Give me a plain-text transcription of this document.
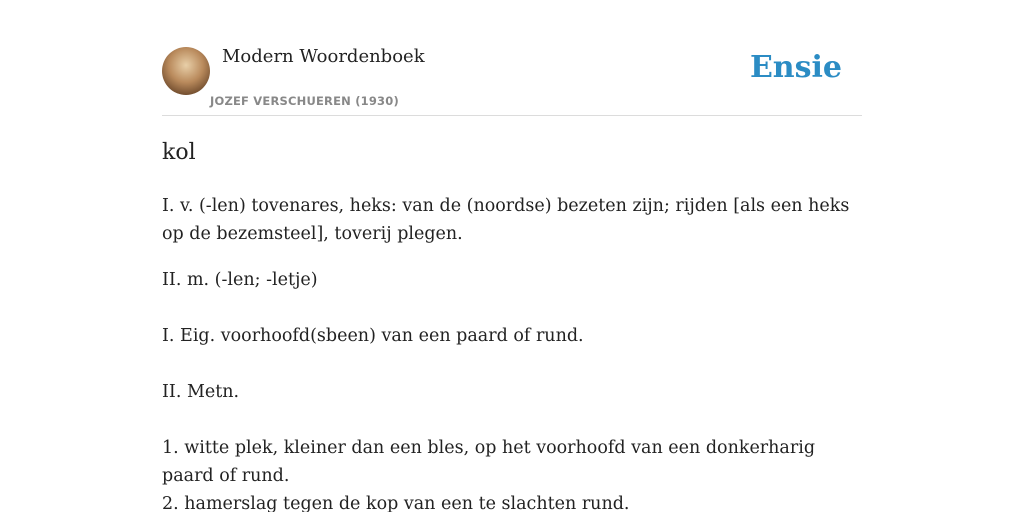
Modern Woordenboek
JOZEF VERSCHUEREN (1930)
Ensie
kol

I. v. (-len) tovenares, heks: van de (noordse) bezeten zijn; rijden [als een heks op de bezemsteel], toverij plegen.

II. m. (-len; -letje)

I. Eig. voorhoofd(sbeen) van een paard of rund.

II. Metn.

1. witte plek, kleiner dan een bles, op het voorhoofd van een donkerharig paard of rund.

2. hamerslag tegen de kop van een te slachten rund.
